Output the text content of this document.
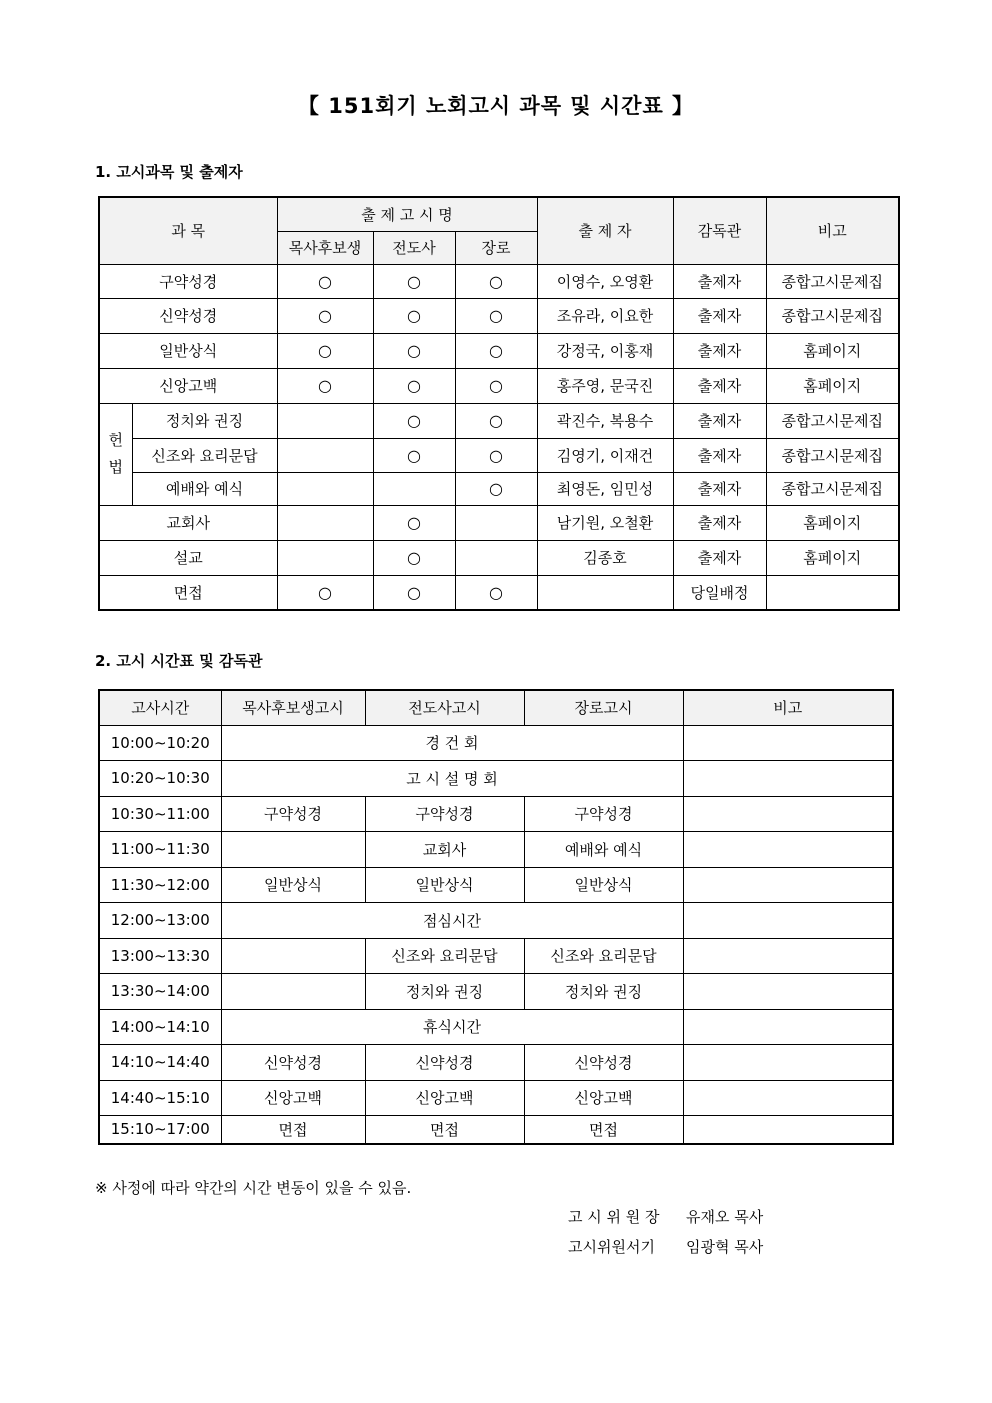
【 151회기 노회고시 과목 및 시간표 】
1. 고시과목 및 출제자
과 목		출 제 고 시 명			출 제 자	감독관	비고
		목사후보생	전도사	장로			
구약성경		○	○	○	이영수, 오영환	출제자	종합고시문제집
신약성경		○	○	○	조유라, 이요한	출제자	종합고시문제집
일반상식		○	○	○	강정국, 이홍재	출제자	홈페이지
신앙고백		○	○	○	홍주영, 문국진	출제자	홈페이지
헌
법	정치와 권징		○	○	곽진수, 복용수	출제자	종합고시문제집
	신조와 요리문답		○	○	김영기, 이재건	출제자	종합고시문제집
	예배와 예식			○	최영돈, 임민성	출제자	종합고시문제집
교회사			○		남기원, 오철환	출제자	홈페이지
설교			○		김종호	출제자	홈페이지
면접		○	○	○		당일배정	
2. 고시 시간표 및 감독관
고사시간	목사후보생고시	전도사고시	장로고시	비고
10:00∼10:20	경 건 회			
10:20∼10:30	고 시 설 명 회			
10:30∼11:00	구약성경	구약성경	구약성경	
11:00∼11:30		교회사	예배와 예식	
11:30∼12:00	일반상식	일반상식	일반상식	
12:00∼13:00	점심시간			
13:00∼13:30		신조와 요리문답	신조와 요리문답	
13:30∼14:00		정치와 권징	정치와 권징	
14:00∼14:10	휴식시간			
14:10∼14:40	신약성경	신약성경	신약성경	
14:40∼15:10	신앙고백	신앙고백	신앙고백	
15:10∼17:00	면접	면접	면접	
※ 사정에 따라 약간의 시간 변동이 있을 수 있음.
고 시 위 원 장 유재오 목사
고시위원서기 임광혁 목사
